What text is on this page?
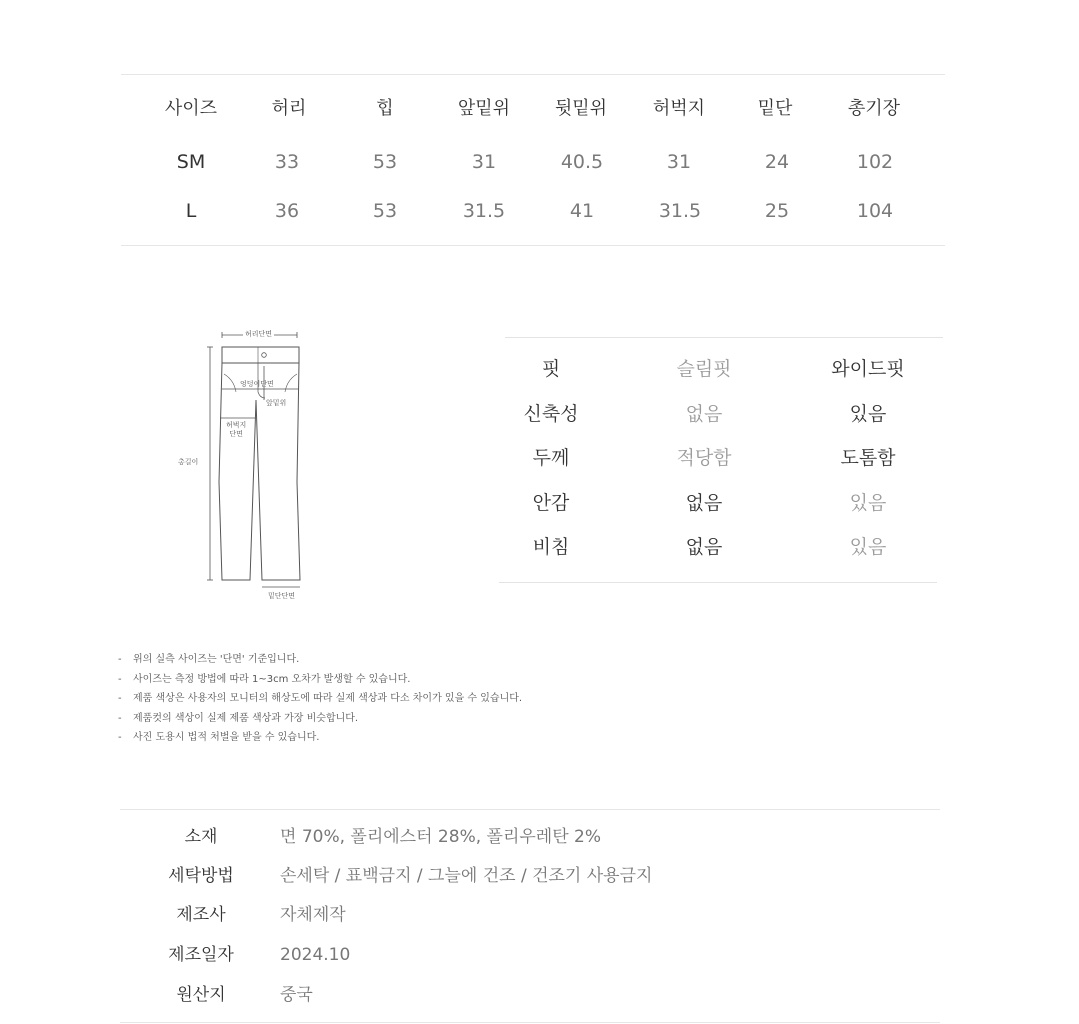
사이즈	허리	힙	앞밑위	뒷밑위	허벅지	밑단	총기장
SM	33	53	31	40.5	31	24	102
L	36	53	31.5	41	31.5	25	104
허리단면
엉덩이단면
앞밑위
허벅지
단면
총길이
밑단단면
핏	슬림핏	와이드핏
신축성	없음	있음
두께	적당함	도톰함
안감	없음	있음
비침	없음	있음
- 위의 실측 사이즈는 '단면' 기준입니다.
- 사이즈는 측정 방법에 따라 1~3cm 오차가 발생할 수 있습니다.
- 제품 색상은 사용자의 모니터의 해상도에 따라 실제 색상과 다소 차이가 있을 수 있습니다.
- 제품컷의 색상이 실제 제품 색상과 가장 비슷합니다.
- 사진 도용시 법적 처벌을 받을 수 있습니다.
소재	면 70%, 폴리에스터 28%, 폴리우레탄 2%
세탁방법	손세탁 / 표백금지 / 그늘에 건조 / 건조기 사용금지
제조사	자체제작
제조일자	2024.10
원산지	중국
